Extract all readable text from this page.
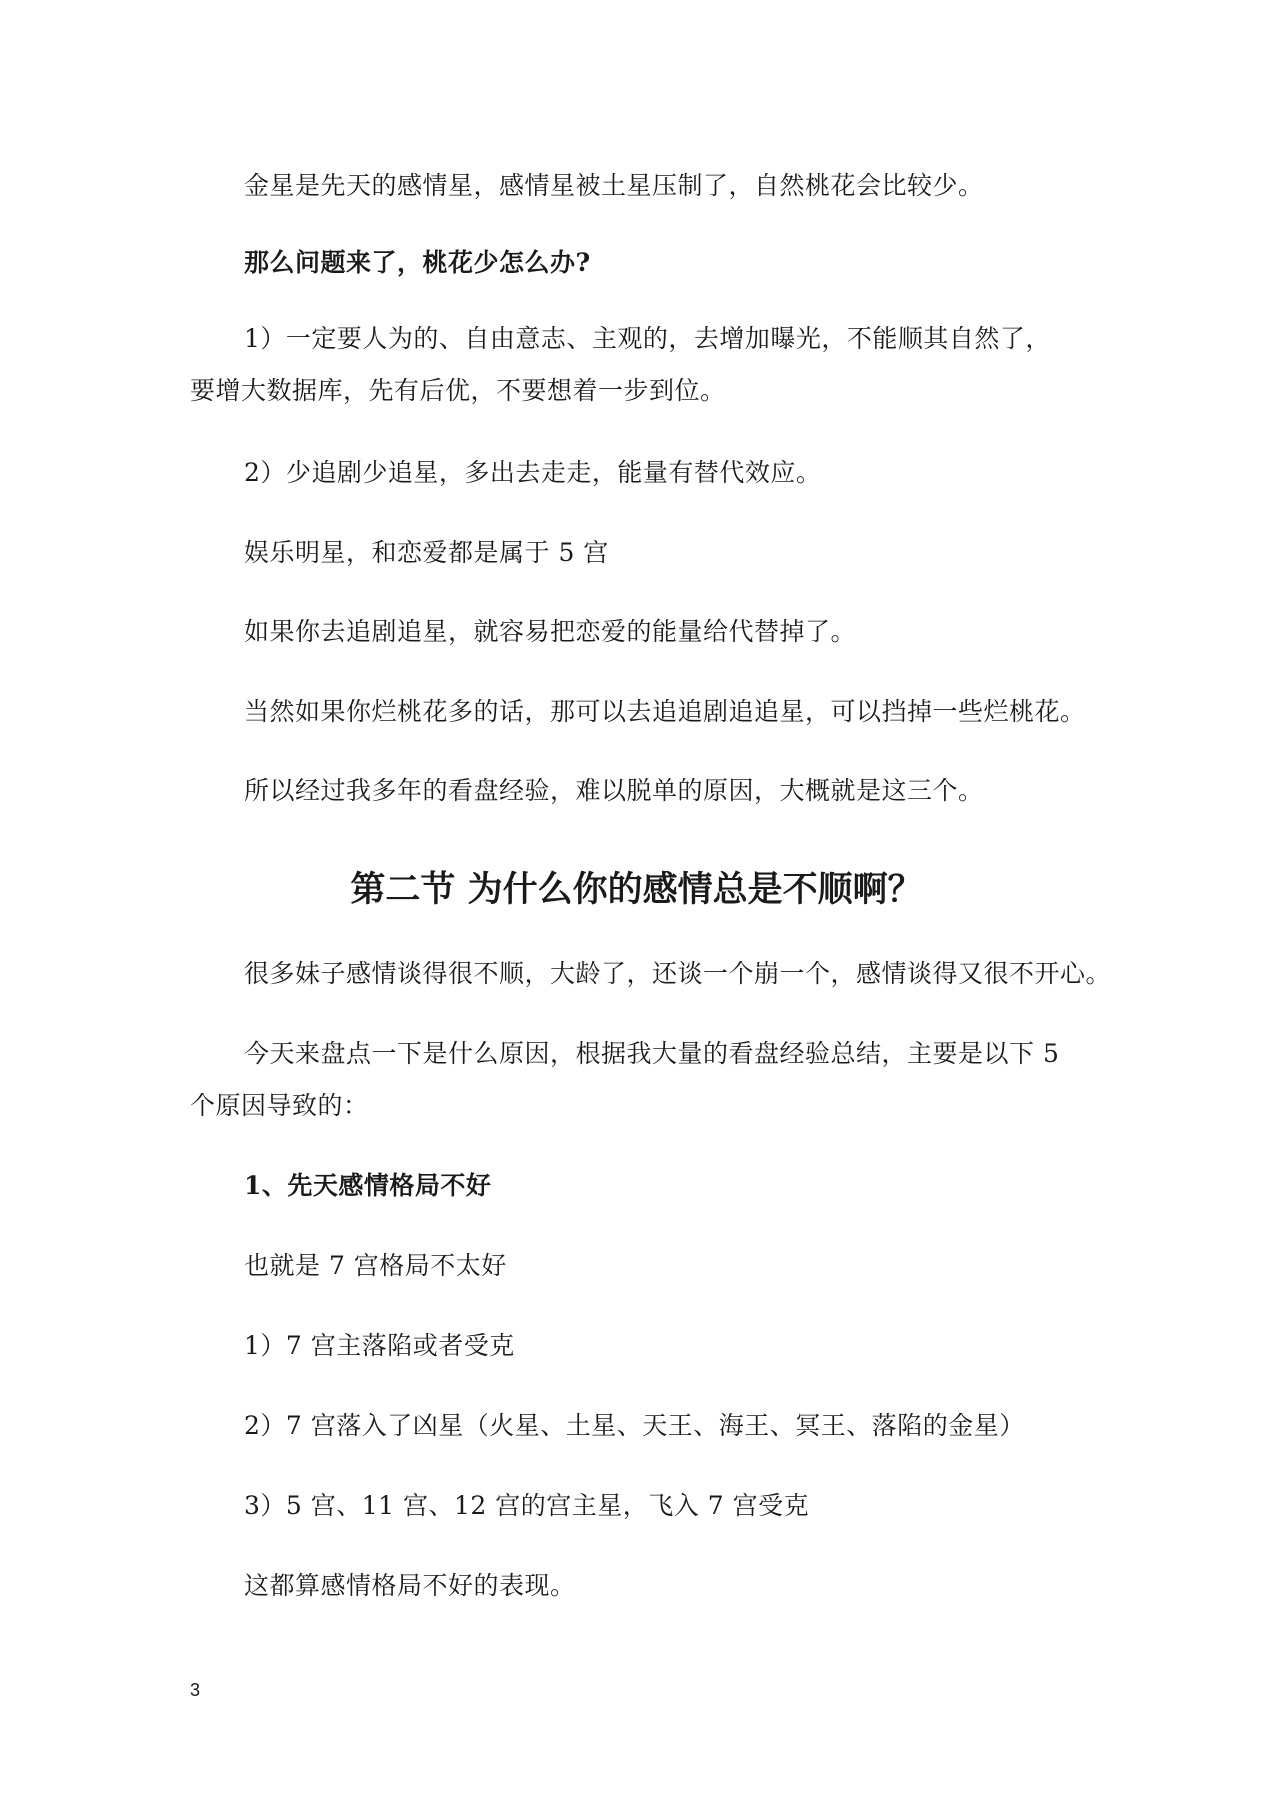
金星是先天的感情星，感情星被土星压制了，自然桃花会比较少。

那么问题来了，桃花少怎么办?

1）一定要人为的、自由意志、主观的，去增加曝光，不能顺其自然了，要增大数据库，先有后优，不要想着一步到位。

2）少追剧少追星，多出去走走，能量有替代效应。

娱乐明星，和恋爱都是属于 5 宫

如果你去追剧追星，就容易把恋爱的能量给代替掉了。

当然如果你烂桃花多的话，那可以去追追剧追追星，可以挡掉一些烂桃花。

所以经过我多年的看盘经验，难以脱单的原因，大概就是这三个。

第二节 为什么你的感情总是不顺啊？

很多妹子感情谈得很不顺，大龄了，还谈一个崩一个，感情谈得又很不开心。

今天来盘点一下是什么原因，根据我大量的看盘经验总结，主要是以下 5 个原因导致的：

1、先天感情格局不好

也就是 7 宫格局不太好

1）7 宫主落陷或者受克

2）7 宫落入了凶星（火星、土星、天王、海王、冥王、落陷的金星）

3）5 宫、11 宫、12 宫的宫主星，飞入 7 宫受克

这都算感情格局不好的表现。

3
